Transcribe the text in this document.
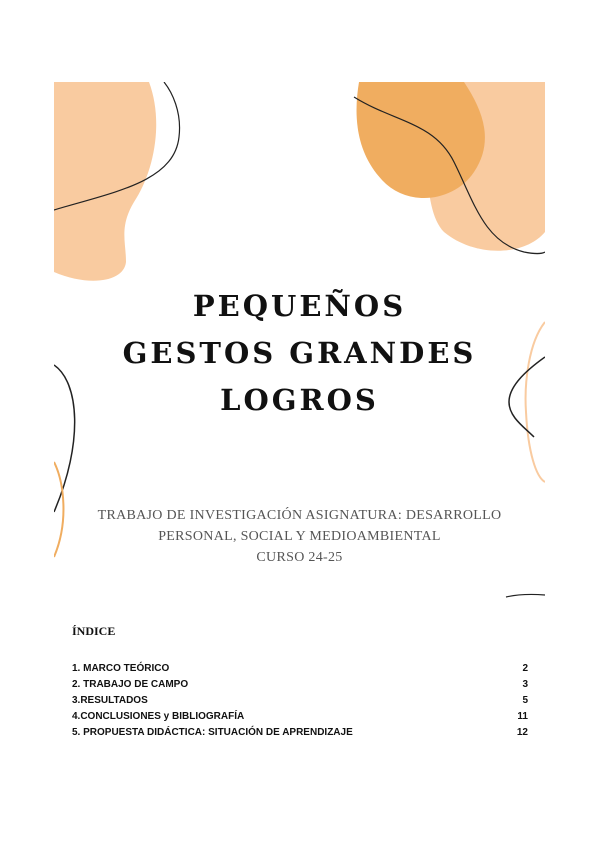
PEQUEÑOS
GESTOS GRANDES
LOGROS
TRABAJO DE INVESTIGACIÓN ASIGNATURA: DESARROLLO
PERSONAL, SOCIAL Y MEDIOAMBIENTAL
CURSO 24-25

ÍNDICE

1. MARCO TEÓRICO	2
2. TRABAJO DE CAMPO	3
3.RESULTADOS	5
4.CONCLUSIONES y BIBLIOGRAFÍA	11
5. PROPUESTA DIDÁCTICA: SITUACIÓN DE APRENDIZAJE	12
